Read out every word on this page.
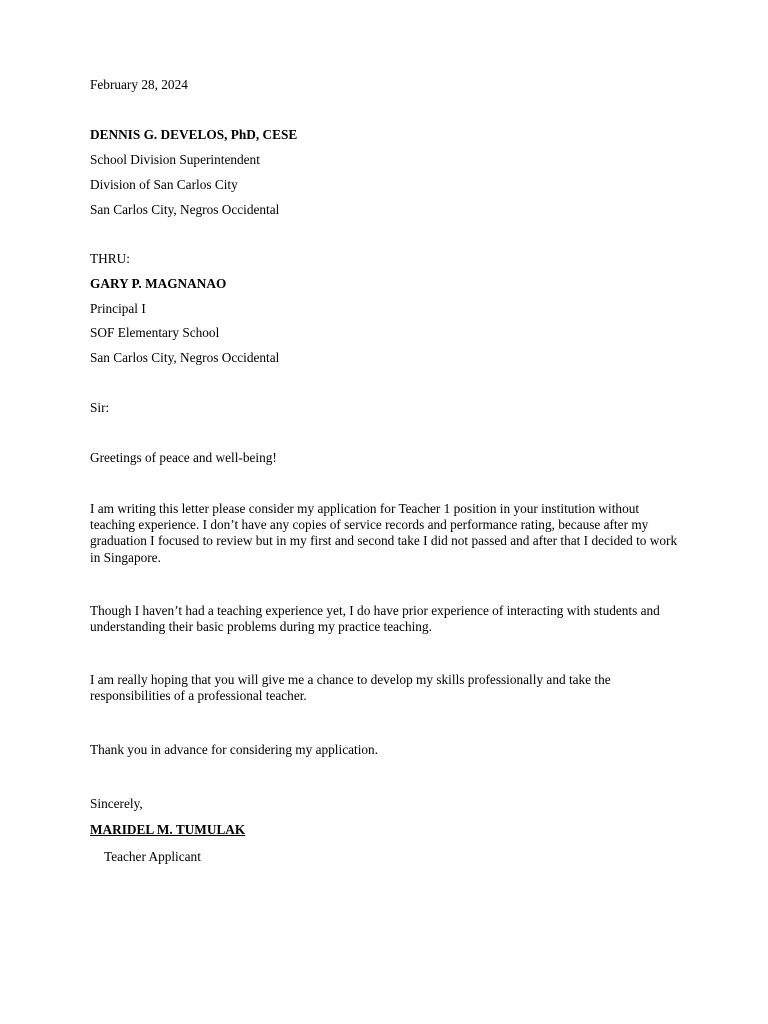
February 28, 2024
DENNIS G. DEVELOS, PhD, CESE
School Division Superintendent
Division of San Carlos City
San Carlos City, Negros Occidental
THRU:
GARY P. MAGNANAO
Principal I
SOF Elementary School
San Carlos City, Negros Occidental
Sir:
Greetings of peace and well-being!
I am writing this letter please consider my application for Teacher 1 position in your institution without teaching experience. I don’t have any copies of service records and performance rating, because after my graduation I focused to review but in my first and second take I did not passed and after that I decided to work in Singapore.
Though I haven’t had a teaching experience yet, I do have prior experience of interacting with students and understanding their basic problems during my practice teaching.
I am really hoping that you will give me a chance to develop my skills professionally and take the responsibilities of a professional teacher.
Thank you in advance for considering my application.
Sincerely,
MARIDEL M. TUMULAK
Teacher Applicant
